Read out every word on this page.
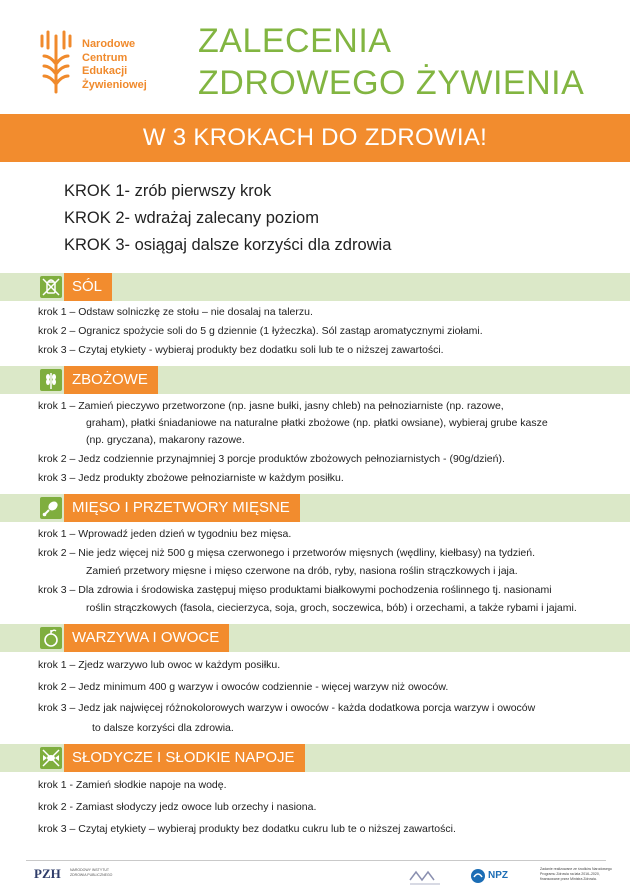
Narodowe
Centrum
Edukacji
Żywieniowej
ZALECENIA
ZDROWEGO ŻYWIENIA
W 3 KROKACH DO ZDROWIA!
KROK 1- zrób pierwszy krok
KROK 2- wdrażaj zalecany poziom
KROK 3- osiągaj dalsze korzyści dla zdrowia
SÓL
krok 1 – Odstaw solniczkę ze stołu – nie dosalaj na talerzu.
krok 2 – Ogranicz spożycie soli do 5 g dziennie (1 łyżeczka). Sól zastąp aromatycznymi ziołami.
krok 3 – Czytaj etykiety - wybieraj produkty bez dodatku soli lub te o niższej zawartości.
ZBOŻOWE
krok 1 – Zamień pieczywo przetworzone (np. jasne bułki, jasny chleb) na pełnoziarniste (np. razowe,
graham), płatki śniadaniowe na naturalne płatki zbożowe (np. płatki owsiane), wybieraj grube kasze
(np. gryczana), makarony razowe.
krok 2 – Jedz codziennie przynajmniej 3 porcje produktów zbożowych pełnoziarnistych - (90g/dzień).
krok 3 – Jedz produkty zbożowe pełnoziarniste w każdym posiłku.
MIĘSO I PRZETWORY MIĘSNE
krok 1 – Wprowadź jeden dzień w tygodniu bez mięsa.
krok 2 – Nie jedz więcej niż 500 g mięsa czerwonego i przetworów mięsnych (wędliny, kiełbasy) na tydzień.
Zamień przetwory mięsne i mięso czerwone na drób, ryby, nasiona roślin strączkowych i jaja.
krok 3 – Dla zdrowia i środowiska zastępuj mięso produktami białkowymi pochodzenia roślinnego tj. nasionami
roślin strączkowych (fasola, ciecierzyca, soja, groch, soczewica, bób) i orzechami, a także rybami i jajami.
WARZYWA I OWOCE
krok 1 – Zjedz warzywo lub owoc w każdym posiłku.
krok 2 – Jedz minimum 400 g warzyw i owoców codziennie - więcej warzyw niż owoców.
krok 3 – Jedz jak najwięcej różnokolorowych warzyw i owoców - każda dodatkowa porcja warzyw i owoców
to dalsze korzyści dla zdrowia.
SŁODYCZE I SŁODKIE NAPOJE
krok 1 - Zamień słodkie napoje na wodę.
krok 2 - Zamiast słodyczy jedz owoce lub orzechy i nasiona.
krok 3 – Czytaj etykiety – wybieraj produkty bez dodatku cukru lub te o niższej zawartości.
PZH	NARODOWY INSTYTUT
ZDROWIA PUBLICZNEGO	NPZ
Zadanie realizowane ze środków Narodowego
Programu Zdrowia na lata 2016–2020,
finansowane przez Ministra Zdrowia.
